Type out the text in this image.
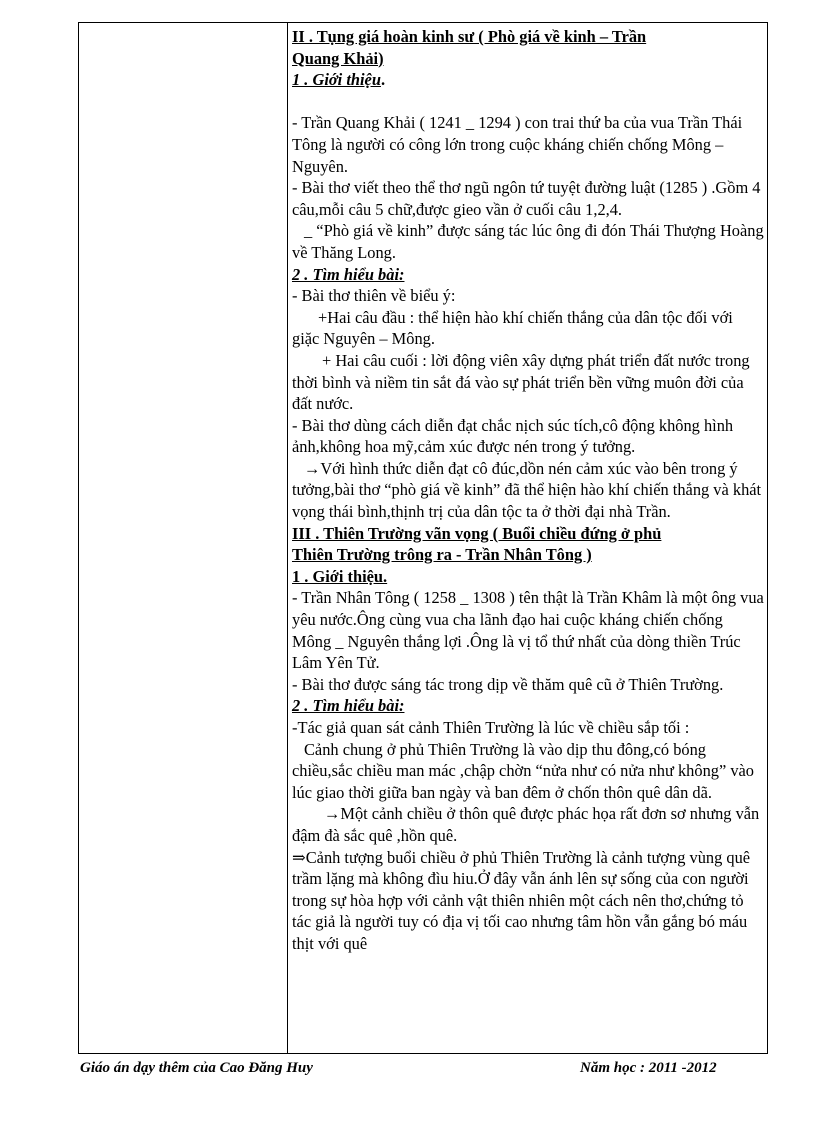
II . Tụng giá hoàn kinh sư ( Phò giá về kinh – Trần
Quang Khải)

1 . Giới thiệu.

- Trần Quang Khải ( 1241 _ 1294 ) con trai thứ ba của vua Trần Thái Tông là người có công lớn trong cuộc kháng chiến chống Mông – Nguyên.

- Bài thơ viết theo thể thơ ngũ ngôn tứ tuyệt đường luật (1285 ) .Gồm 4 câu,mỗi câu 5 chữ,được gieo vần ở cuối câu 1,2,4.

_ “Phò giá về kinh” được sáng tác lúc ông đi đón Thái Thượng Hoàng về Thăng Long.

2 . Tìm hiểu bài:

- Bài thơ thiên về biểu ý:

+Hai câu đầu : thể hiện hào khí chiến thắng của dân tộc đối với giặc Nguyên – Mông.

+ Hai câu cuối : lời động viên xây dựng phát triển đất nước trong thời bình và niềm tin sắt đá vào sự phát triển bền vững muôn đời của đất nước.

- Bài thơ dùng cách diễn đạt chắc nịch súc tích,cô động không hình ảnh,không hoa mỹ,cảm xúc được nén trong ý tưởng.

→Với hình thức diễn đạt cô đúc,dồn nén cảm xúc vào bên trong ý tưởng,bài thơ “phò giá về kinh” đã thể hiện hào khí chiến thắng và khát vọng thái bình,thịnh trị của dân tộc ta ở thời đại nhà Trần.

III . Thiên Trường vãn vọng ( Buổi chiều đứng ở phủ
Thiên Trường trông ra - Trần Nhân Tông )

1 . Giới thiệu.

- Trần Nhân Tông ( 1258 _ 1308 ) tên thật là Trần Khâm là một ông vua yêu nước.Ông cùng vua cha lãnh đạo hai cuộc kháng chiến chống Mông _ Nguyên thắng lợi .Ông là vị tổ thứ nhất của dòng thiền Trúc Lâm Yên Tử.

- Bài thơ được sáng tác trong dịp về thăm quê cũ ở Thiên Trường.

2 . Tìm hiểu bài:

-Tác giả quan sát cảnh Thiên Trường là lúc về chiều sắp tối :

Cảnh chung ở phủ Thiên Trường là vào dịp thu đông,có bóng chiều,sắc chiều man mác ,chập chờn “nửa như có nửa như không” vào lúc giao thời giữa ban ngày và ban đêm ở chốn thôn quê dân dã.

→Một cảnh chiều ở thôn quê được phác họa rất đơn sơ nhưng vẫn đậm đà sắc quê ,hồn quê.

⇒Cảnh tượng buổi chiều ở phủ Thiên Trường là cảnh tượng vùng quê trầm lặng mà không đìu hiu.Ở đây vẫn ánh lên sự sống của con người trong sự hòa hợp với cảnh vật thiên nhiên một cách nên thơ,chứng tỏ tác giả là người tuy có địa vị tối cao nhưng tâm hồn vẫn gắng bó máu thịt với quê

Giáo án dạy thêm của Cao Đăng Huy	Năm học : 2011 -2012
